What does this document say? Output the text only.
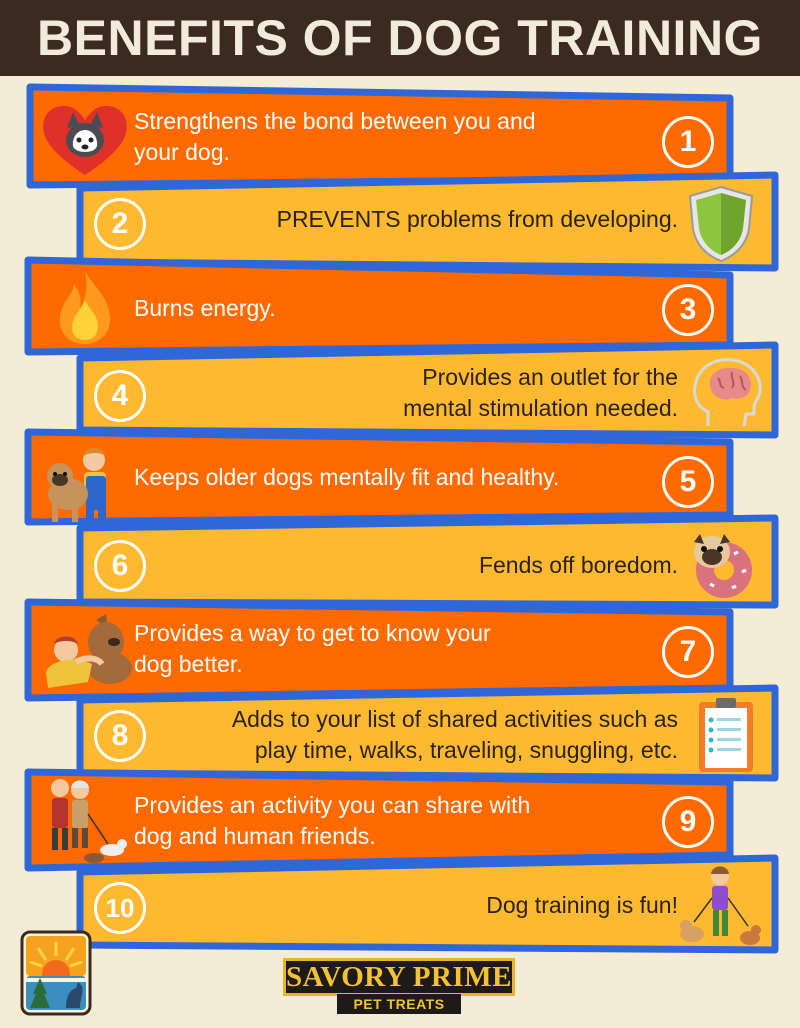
BENEFITS OF DOG TRAINING
Strengthens the bond between you and
your dog.	1
2	PREVENTS problems from developing.
Burns energy.	3
4
Provides an outlet for the
mental stimulation needed.
Keeps older dogs mentally fit and healthy.	5
6	Fends off boredom.
Provides a way to get to know your
dog better.	7
8	Adds to your list of shared activities such as
play time, walks, traveling, snuggling, etc.
Provides an activity you can share with
dog and human friends.	9
10	Dog training is fun!
SAVORY PRIME
PET TREATS
